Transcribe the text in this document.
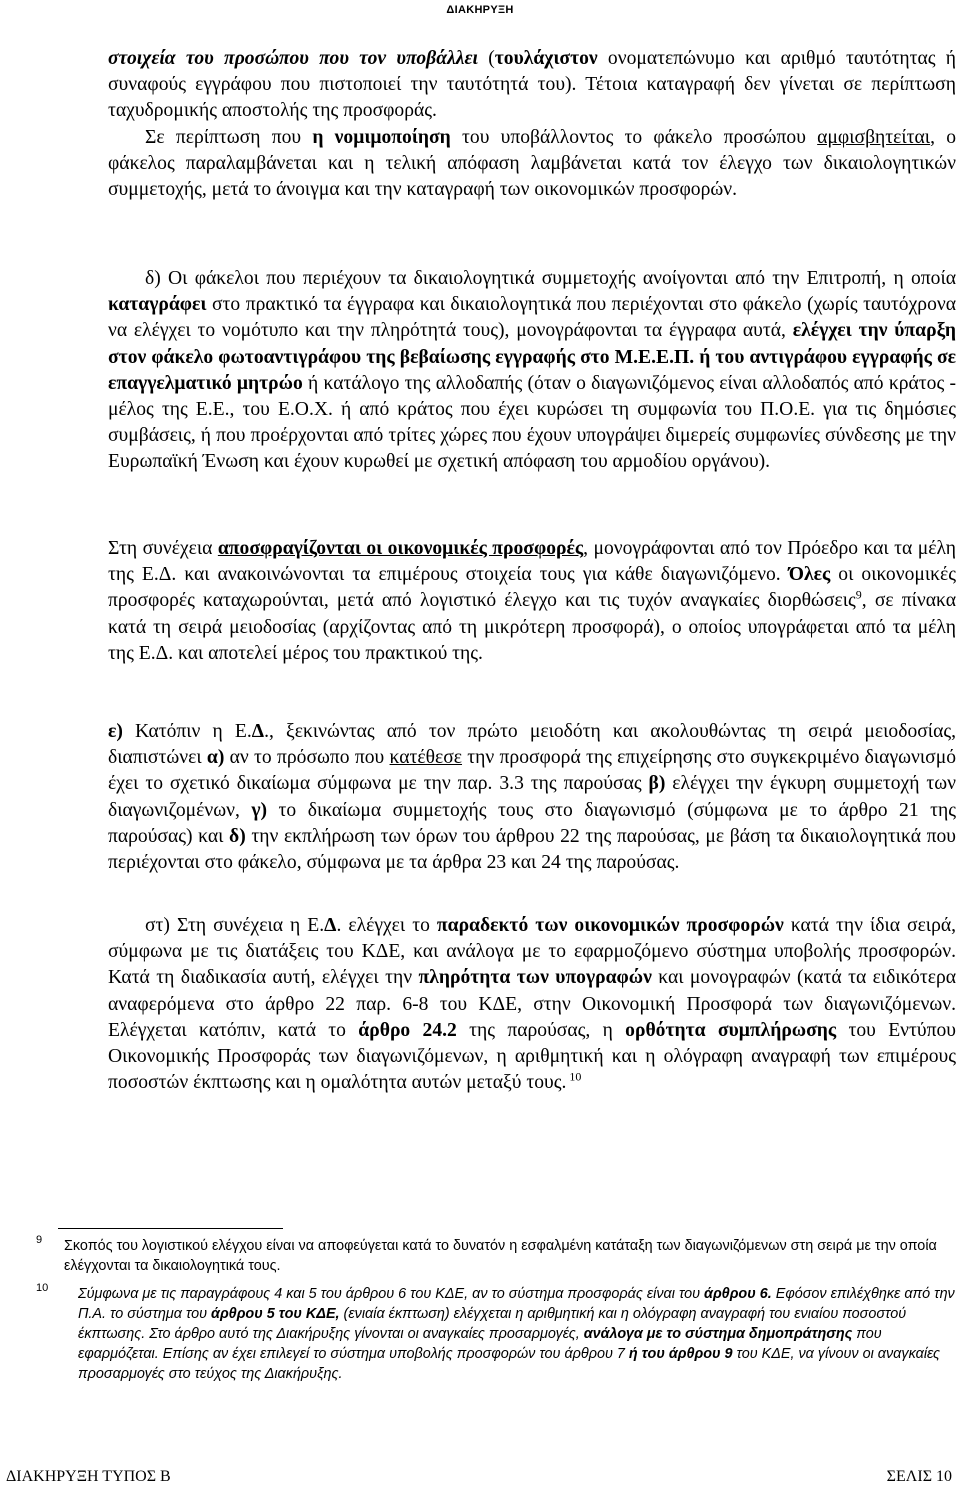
ΔΙΑΚΗΡΥΞΗ

στοιχεία του προσώπου που τον υποβάλλει (τουλάχιστον ονοματεπώνυμο και αριθμό ταυτότητας ή συναφούς εγγράφου που πιστοποιεί την ταυτότητά του). Τέτοια καταγραφή δεν γίνεται σε περίπτωση ταχυδρομικής αποστολής της προσφοράς.

Σε περίπτωση που η νομιμοποίηση του υποβάλλοντος το φάκελο προσώπου αμφισβητείται, ο φάκελος παραλαμβάνεται και η τελική απόφαση λαμβάνεται κατά τον έλεγχο των δικαιολογητικών συμμετοχής, μετά το άνοιγμα και την καταγραφή των οικονομικών προσφορών.

δ) Οι φάκελοι που περιέχουν τα δικαιολογητικά συμμετοχής ανοίγονται από την Επιτροπή, η οποία καταγράφει στο πρακτικό τα έγγραφα και δικαιολογητικά που περιέχονται στο φάκελο (χωρίς ταυτόχρονα να ελέγχει το νομότυπο και την πληρότητά τους), μονογράφονται τα έγγραφα αυτά, ελέγχει την ύπαρξη στον φάκελο φωτοαντιγράφου της βεβαίωσης εγγραφής στο Μ.Ε.Ε.Π. ή του αντιγράφου εγγραφής σε επαγγελματικό μητρώο ή κατάλογο της αλλοδαπής (όταν ο διαγωνιζόμενος είναι αλλοδαπός από κράτος - μέλος της Ε.Ε., του Ε.Ο.Χ. ή από κράτος που έχει κυρώσει τη συμφωνία του Π.Ο.Ε. για τις δημόσιες συμβάσεις, ή που προέρχονται από τρίτες χώρες που έχουν υπογράψει διμερείς συμφωνίες σύνδεσης με την Ευρωπαϊκή Ένωση και έχουν κυρωθεί με σχετική απόφαση του αρμοδίου οργάνου).

Στη συνέχεια αποσφραγίζονται οι οικονομικές προσφορές, μονογράφονται από τον Πρόεδρο και τα μέλη της Ε.Δ. και ανακοινώνονται τα επιμέρους στοιχεία τους για κάθε διαγωνιζόμενο. Όλες οι οικονομικές προσφορές καταχωρούνται, μετά από λογιστικό έλεγχο και τις τυχόν αναγκαίες διορθώσεις$^9$, σε πίνακα κατά τη σειρά μειοδοσίας (αρχίζοντας από τη μικρότερη προσφορά), ο οποίος υπογράφεται από τα μέλη της Ε.Δ. και αποτελεί μέρος του πρακτικού της.

ε) Κατόπιν η Ε.Δ., ξεκινώντας από τον πρώτο μειοδότη και ακολουθώντας τη σειρά μειοδοσίας, διαπιστώνει α) αν το πρόσωπο που κατέθεσε την προσφορά της επιχείρησης στο συγκεκριμένο διαγωνισμό έχει το σχετικό δικαίωμα σύμφωνα με την παρ. 3.3 της παρούσας β) ελέγχει την έγκυρη συμμετοχή των διαγωνιζομένων, γ) το δικαίωμα συμμετοχής τους στο διαγωνισμό (σύμφωνα με το άρθρο 21 της παρούσας) και δ) την εκπλήρωση των όρων του άρθρου 22 της παρούσας, με βάση τα δικαιολογητικά που περιέχονται στο φάκελο, σύμφωνα με τα άρθρα 23 και 24 της παρούσας.

στ) Στη συνέχεια η Ε.Δ. ελέγχει το παραδεκτό των οικονομικών προσφορών κατά την ίδια σειρά, σύμφωνα με τις διατάξεις του ΚΔΕ, και ανάλογα με το εφαρμοζόμενο σύστημα υποβολής προσφορών. Κατά τη διαδικασία αυτή, ελέγχει την πληρότητα των υπογραφών και μονογραφών (κατά τα ειδικότερα αναφερόμενα στο άρθρο 22 παρ. 6-8 του ΚΔΕ, στην Οικονομική Προσφορά των διαγωνιζόμενων. Ελέγχεται κατόπιν, κατά το άρθρο 24.2 της παρούσας, η ορθότητα συμπλήρωσης του Εντύπου Οικονομικής Προσφοράς των διαγωνιζόμενων, η αριθμητική και η ολόγραφη αναγραφή των επιμέρους ποσοστών έκπτωσης και η ομαλότητα αυτών μεταξύ τους. $^{10}$

9	Σκοπός του λογιστικού ελέγχου είναι να αποφεύγεται κατά το δυνατόν η εσφαλμένη κατάταξη των διαγωνιζόμενων στη σειρά με την οποία ελέγχονται τα δικαιολογητικά τους.
10	Σύμφωνα με τις παραγράφους 4 και 5 του άρθρου 6 του ΚΔΕ, αν το σύστημα προσφοράς είναι του άρθρου 6. Εφόσον επιλέχθηκε από την Π.Α. το σύστημα του άρθρου 5 του ΚΔΕ, (ενιαία έκπτωση) ελέγχεται η αριθμητική και η ολόγραφη αναγραφή του ενιαίου ποσοστού έκπτωσης. Στο άρθρο αυτό της Διακήρυξης γίνονται οι αναγκαίες προσαρμογές, ανάλογα με το σύστημα δημοπράτησης που εφαρμόζεται. Επίσης αν έχει επιλεγεί το σύστημα υποβολής προσφορών του άρθρου 7 ή του άρθρου 9 του ΚΔΕ, να γίνουν οι αναγκαίες προσαρμογές στο τεύχος της Διακήρυξης.
ΔΙΑΚΗΡΥΞΗ ΤΥΠΟΣ Β	ΣΕΛΙΣ 10
